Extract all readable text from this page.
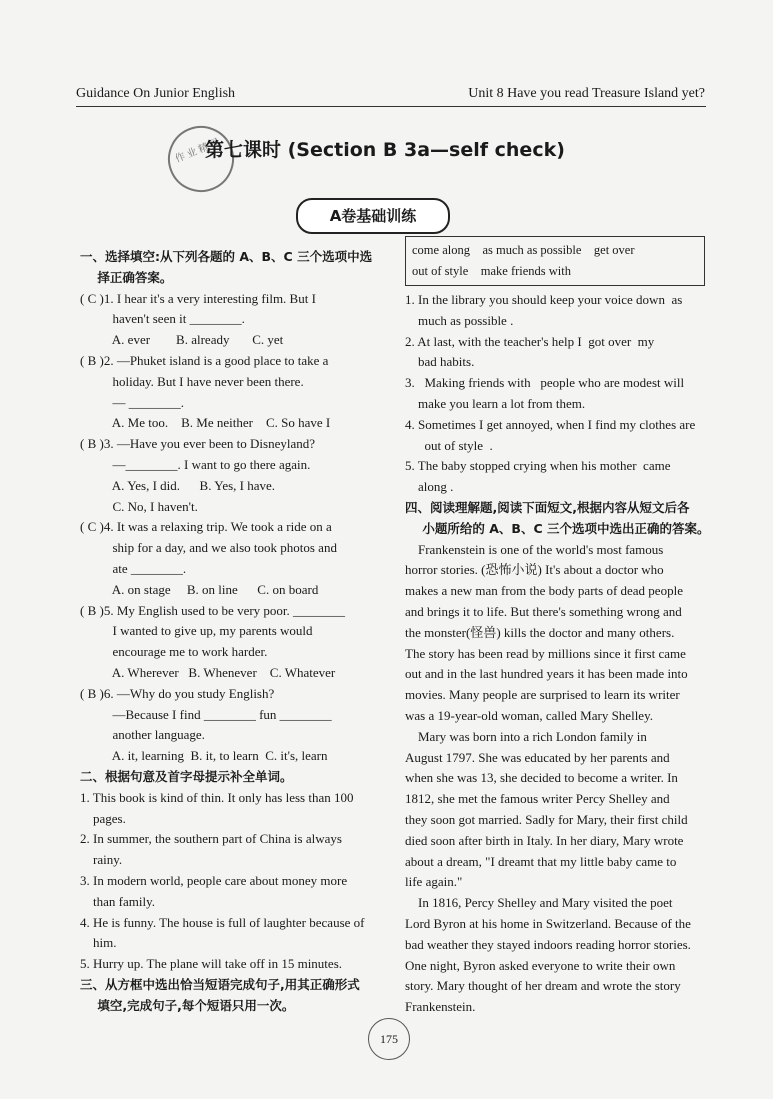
Guidance On Junior English	Unit 8 Have you read Treasure Island yet?
作 业 精 灵
第七课时 (Section B 3a—self check)
A卷基础训练
一、选择填空:从下列各题的 A、B、C 三个选项中选
择正确答案。
( C )1. I hear it's a very interesting film. But I
haven't seen it ________.
A. ever        B. already       C. yet
( B )2. —Phuket island is a good place to take a
holiday. But I have never been there.
— ________.
A. Me too.    B. Me neither    C. So have I
( B )3. —Have you ever been to Disneyland?
—________. I want to go there again.
A. Yes, I did.      B. Yes, I have.
C. No, I haven't.
( C )4. It was a relaxing trip. We took a ride on a
ship for a day, and we also took photos and
ate ________.
A. on stage     B. on line      C. on board
( B )5. My English used to be very poor. ________
I wanted to give up, my parents would
encourage me to work harder.
A. Wherever   B. Whenever    C. Whatever
( B )6. —Why do you study English?
—Because I find ________ fun ________
another language.
A. it, learning  B. it, to learn  C. it's, learn
二、根据句意及首字母提示补全单词。
1. This book is kind of thin. It only has less than 100
pages.
2. In summer, the southern part of China is always
rainy.
3. In modern world, people care about money more
than family.
4. He is funny. The house is full of laughter because of
him.
5. Hurry up. The plane will take off in 15 minutes.
三、从方框中选出恰当短语完成句子,用其正确形式
填空,完成句子,每个短语只用一次。
come along    as much as possible    get over
out of style    make friends with
1. In the library you should keep your voice down  as
much as possible .
2. At last, with the teacher's help I  got over  my
bad habits.
3.   Making friends with   people who are modest will
make you learn a lot from them.
4. Sometimes I get annoyed, when I find my clothes are
out of style  .
5. The baby stopped crying when his mother  came
along .
四、阅读理解题,阅读下面短文,根据内容从短文后各
小题所给的 A、B、C 三个选项中选出正确的答案。
Frankenstein is one of the world's most famous
horror stories. (恐怖小说) It's about a doctor who
makes a new man from the body parts of dead people
and brings it to life. But there's something wrong and
the monster(怪兽) kills the doctor and many others.
The story has been read by millions since it first came
out and in the last hundred years it has been made into
movies. Many people are surprised to learn its writer
was a 19-year-old woman, called Mary Shelley.
Mary was born into a rich London family in
August 1797. She was educated by her parents and
when she was 13, she decided to become a writer. In
1812, she met the famous writer Percy Shelley and
they soon got married. Sadly for Mary, their first child
died soon after birth in Italy. In her diary, Mary wrote
about a dream, "I dreamt that my little baby came to
life again."
In 1816, Percy Shelley and Mary visited the poet
Lord Byron at his home in Switzerland. Because of the
bad weather they stayed indoors reading horror stories.
One night, Byron asked everyone to write their own
story. Mary thought of her dream and wrote the story
Frankenstein.
175
